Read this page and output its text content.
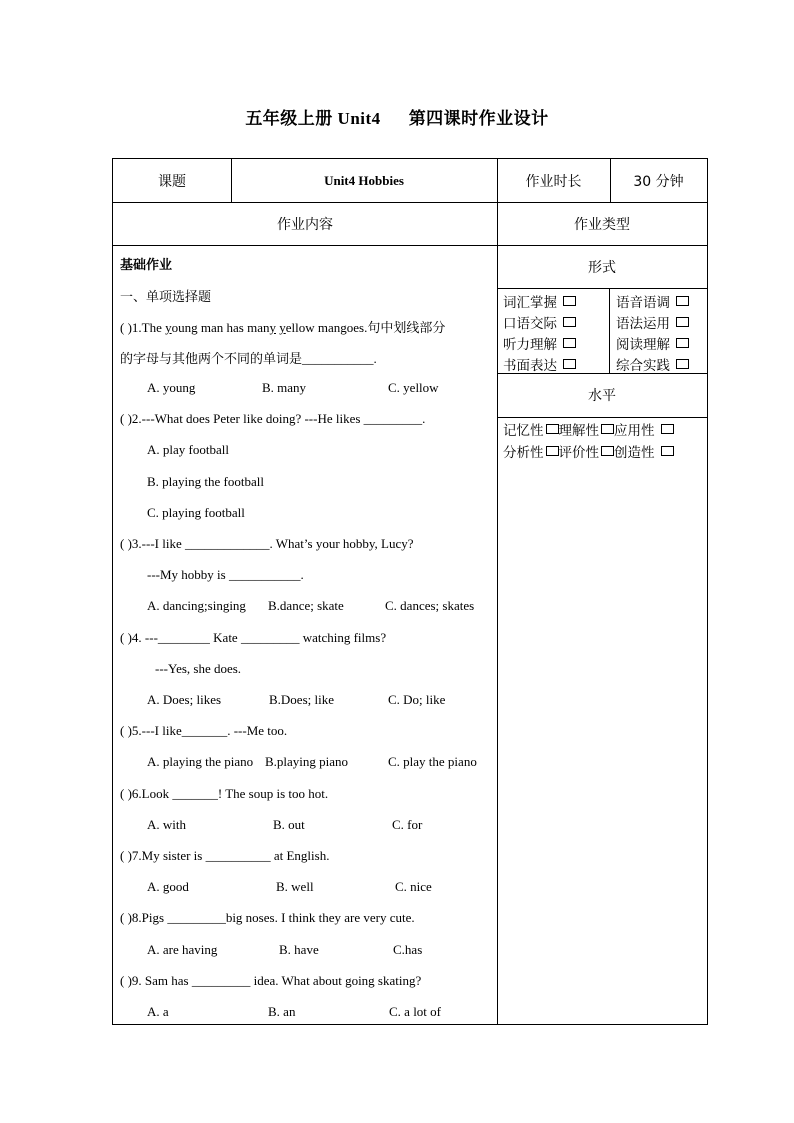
五年级上册 Unit4 第四课时作业设计
课题	Unit4 Hobbies	作业时长	30 分钟
作业内容	作业类型
形式
词汇掌握	语音语调
口语交际	语法运用
听力理解	阅读理解
书面表达	综合实践
水平
记忆性 理解性 应用性
分析性 评价性 创造性
基础作业
一、单项选择题
( )1.The young man has many yellow mangoes.句中划线部分
的字母与其他两个不同的单词是___________.
A. young	B. many	C. yellow
( )2.---What does Peter like doing? ---He likes _________.
A. play football
B. playing the football
C. playing football
( )3.---I like _____________. What’s your hobby, Lucy?
---My hobby is ___________.
A. dancing;singing B.dance; skate	C. dances; skates
( )4. ---________ Kate _________ watching films?
---Yes, she does.
A. Does; likes	B.Does; like	C. Do; like
( )5.---I like_______. ---Me too.
A. playing the piano B.playing piano	C. play the piano
( )6.Look _______! The soup is too hot.
A. with	B. out	C. for
( )7.My sister is __________ at English.
A. good	B. well	C. nice
( )8.Pigs _________big noses. I think they are very cute.
A. are having	B. have	C.has
( )9. Sam has _________ idea. What about going skating?
A. a	B. an	C. a lot of
